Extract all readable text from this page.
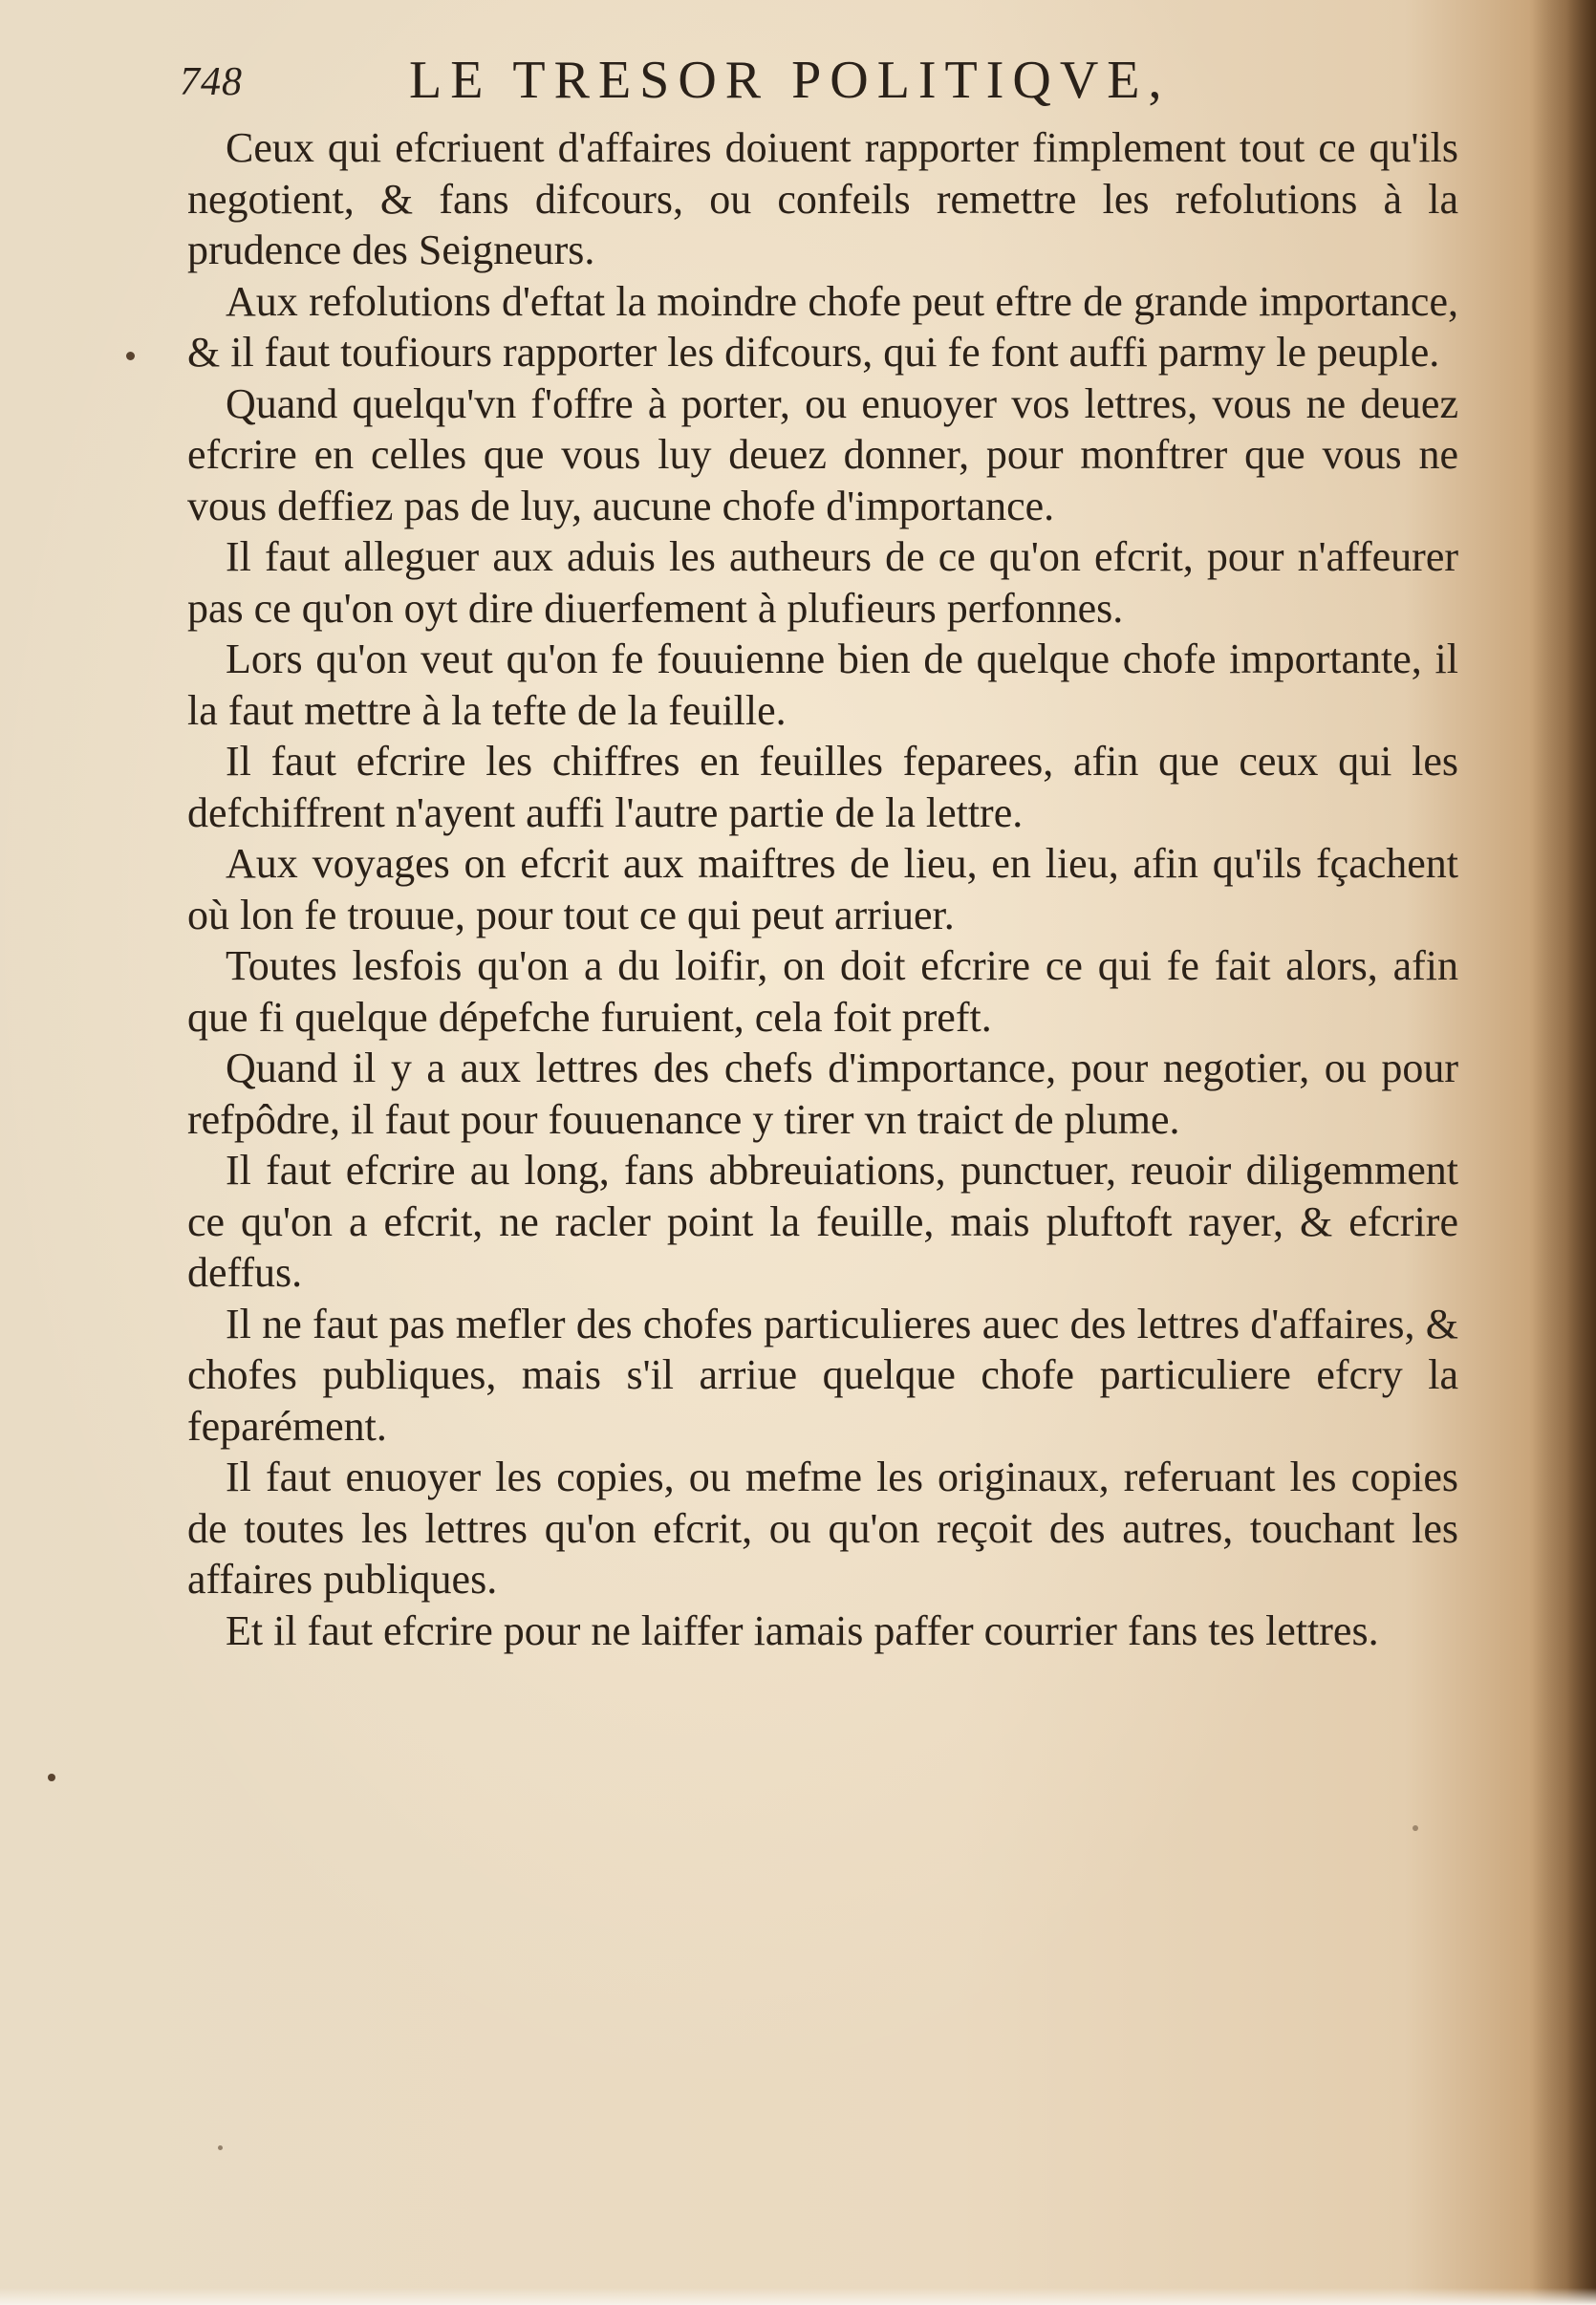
748	LE TRESOR POLITIQVE,

Ceux qui efcriuent d'affaires doiuent rapporter fimplement tout ce qu'ils negotient, & fans difcours, ou confeils remettre les refolutions à la prudence des Seigneurs.

Aux refolutions d'eftat la moindre chofe peut eftre de grande importance, & il faut toufiours rapporter les difcours, qui fe font auffi parmy le peuple.

Quand quelqu'vn f'offre à porter, ou enuoyer vos lettres, vous ne deuez efcrire en celles que vous luy deuez donner, pour monftrer que vous ne vous deffiez pas de luy, aucune chofe d'importance.

Il faut alleguer aux aduis les autheurs de ce qu'on efcrit, pour n'affeurer pas ce qu'on oyt dire diuerfement à plufieurs perfonnes.

Lors qu'on veut qu'on fe fouuienne bien de quelque chofe importante, il la faut mettre à la tefte de la feuille.

Il faut efcrire les chiffres en feuilles feparees, afin que ceux qui les defchiffrent n'ayent auffi l'autre partie de la lettre.

Aux voyages on efcrit aux maiftres de lieu, en lieu, afin qu'ils fçachent où lon fe trouue, pour tout ce qui peut arriuer.

Toutes lesfois qu'on a du loifir, on doit efcrire ce qui fe fait alors, afin que fi quelque dépefche furuient, cela foit preft.

Quand il y a aux lettres des chefs d'importance, pour negotier, ou pour refpôdre, il faut pour fouuenance y tirer vn traict de plume.

Il faut efcrire au long, fans abbreuiations, punctuer, reuoir diligemment ce qu'on a efcrit, ne racler point la feuille, mais pluftoft rayer, & efcrire deffus.

Il ne faut pas mefler des chofes particulieres auec des lettres d'affaires, & chofes publiques, mais s'il arriue quelque chofe particuliere efcry la feparément.

Il faut enuoyer les copies, ou mefme les originaux, referuant les copies de toutes les lettres qu'on efcrit, ou qu'on reçoit des autres, touchant les affaires publiques.

Et il faut efcrire pour ne laiffer iamais paffer courrier fans tes lettres.
